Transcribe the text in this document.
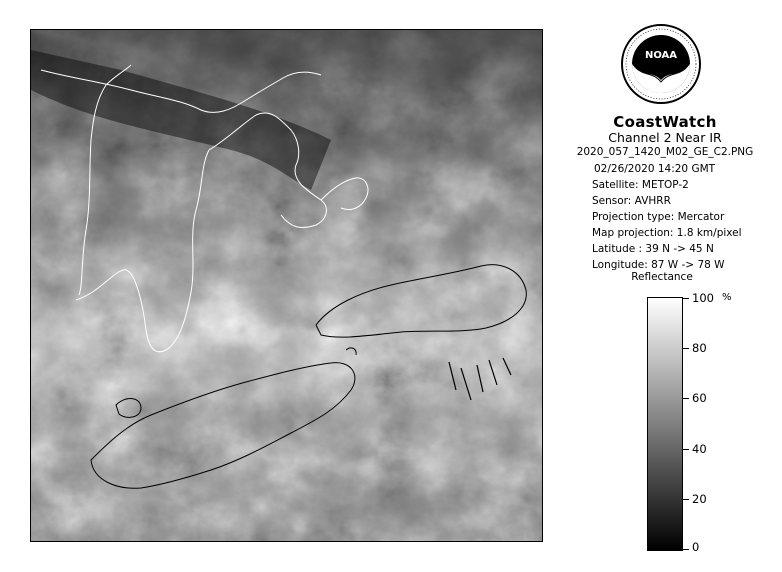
NOAA
CoastWatch
Channel 2 Near IR
2020_057_1420_M02_GE_C2.PNG
02/26/2020 14:20 GMT
Satellite: METOP-2
Sensor: AVHRR
Projection type: Mercator
Map projection: 1.8 km/pixel
Latitude : 39 N -> 45 N
Longitude: 87 W -> 78 W
Reflectance
%
100
80
60
40
20
0
